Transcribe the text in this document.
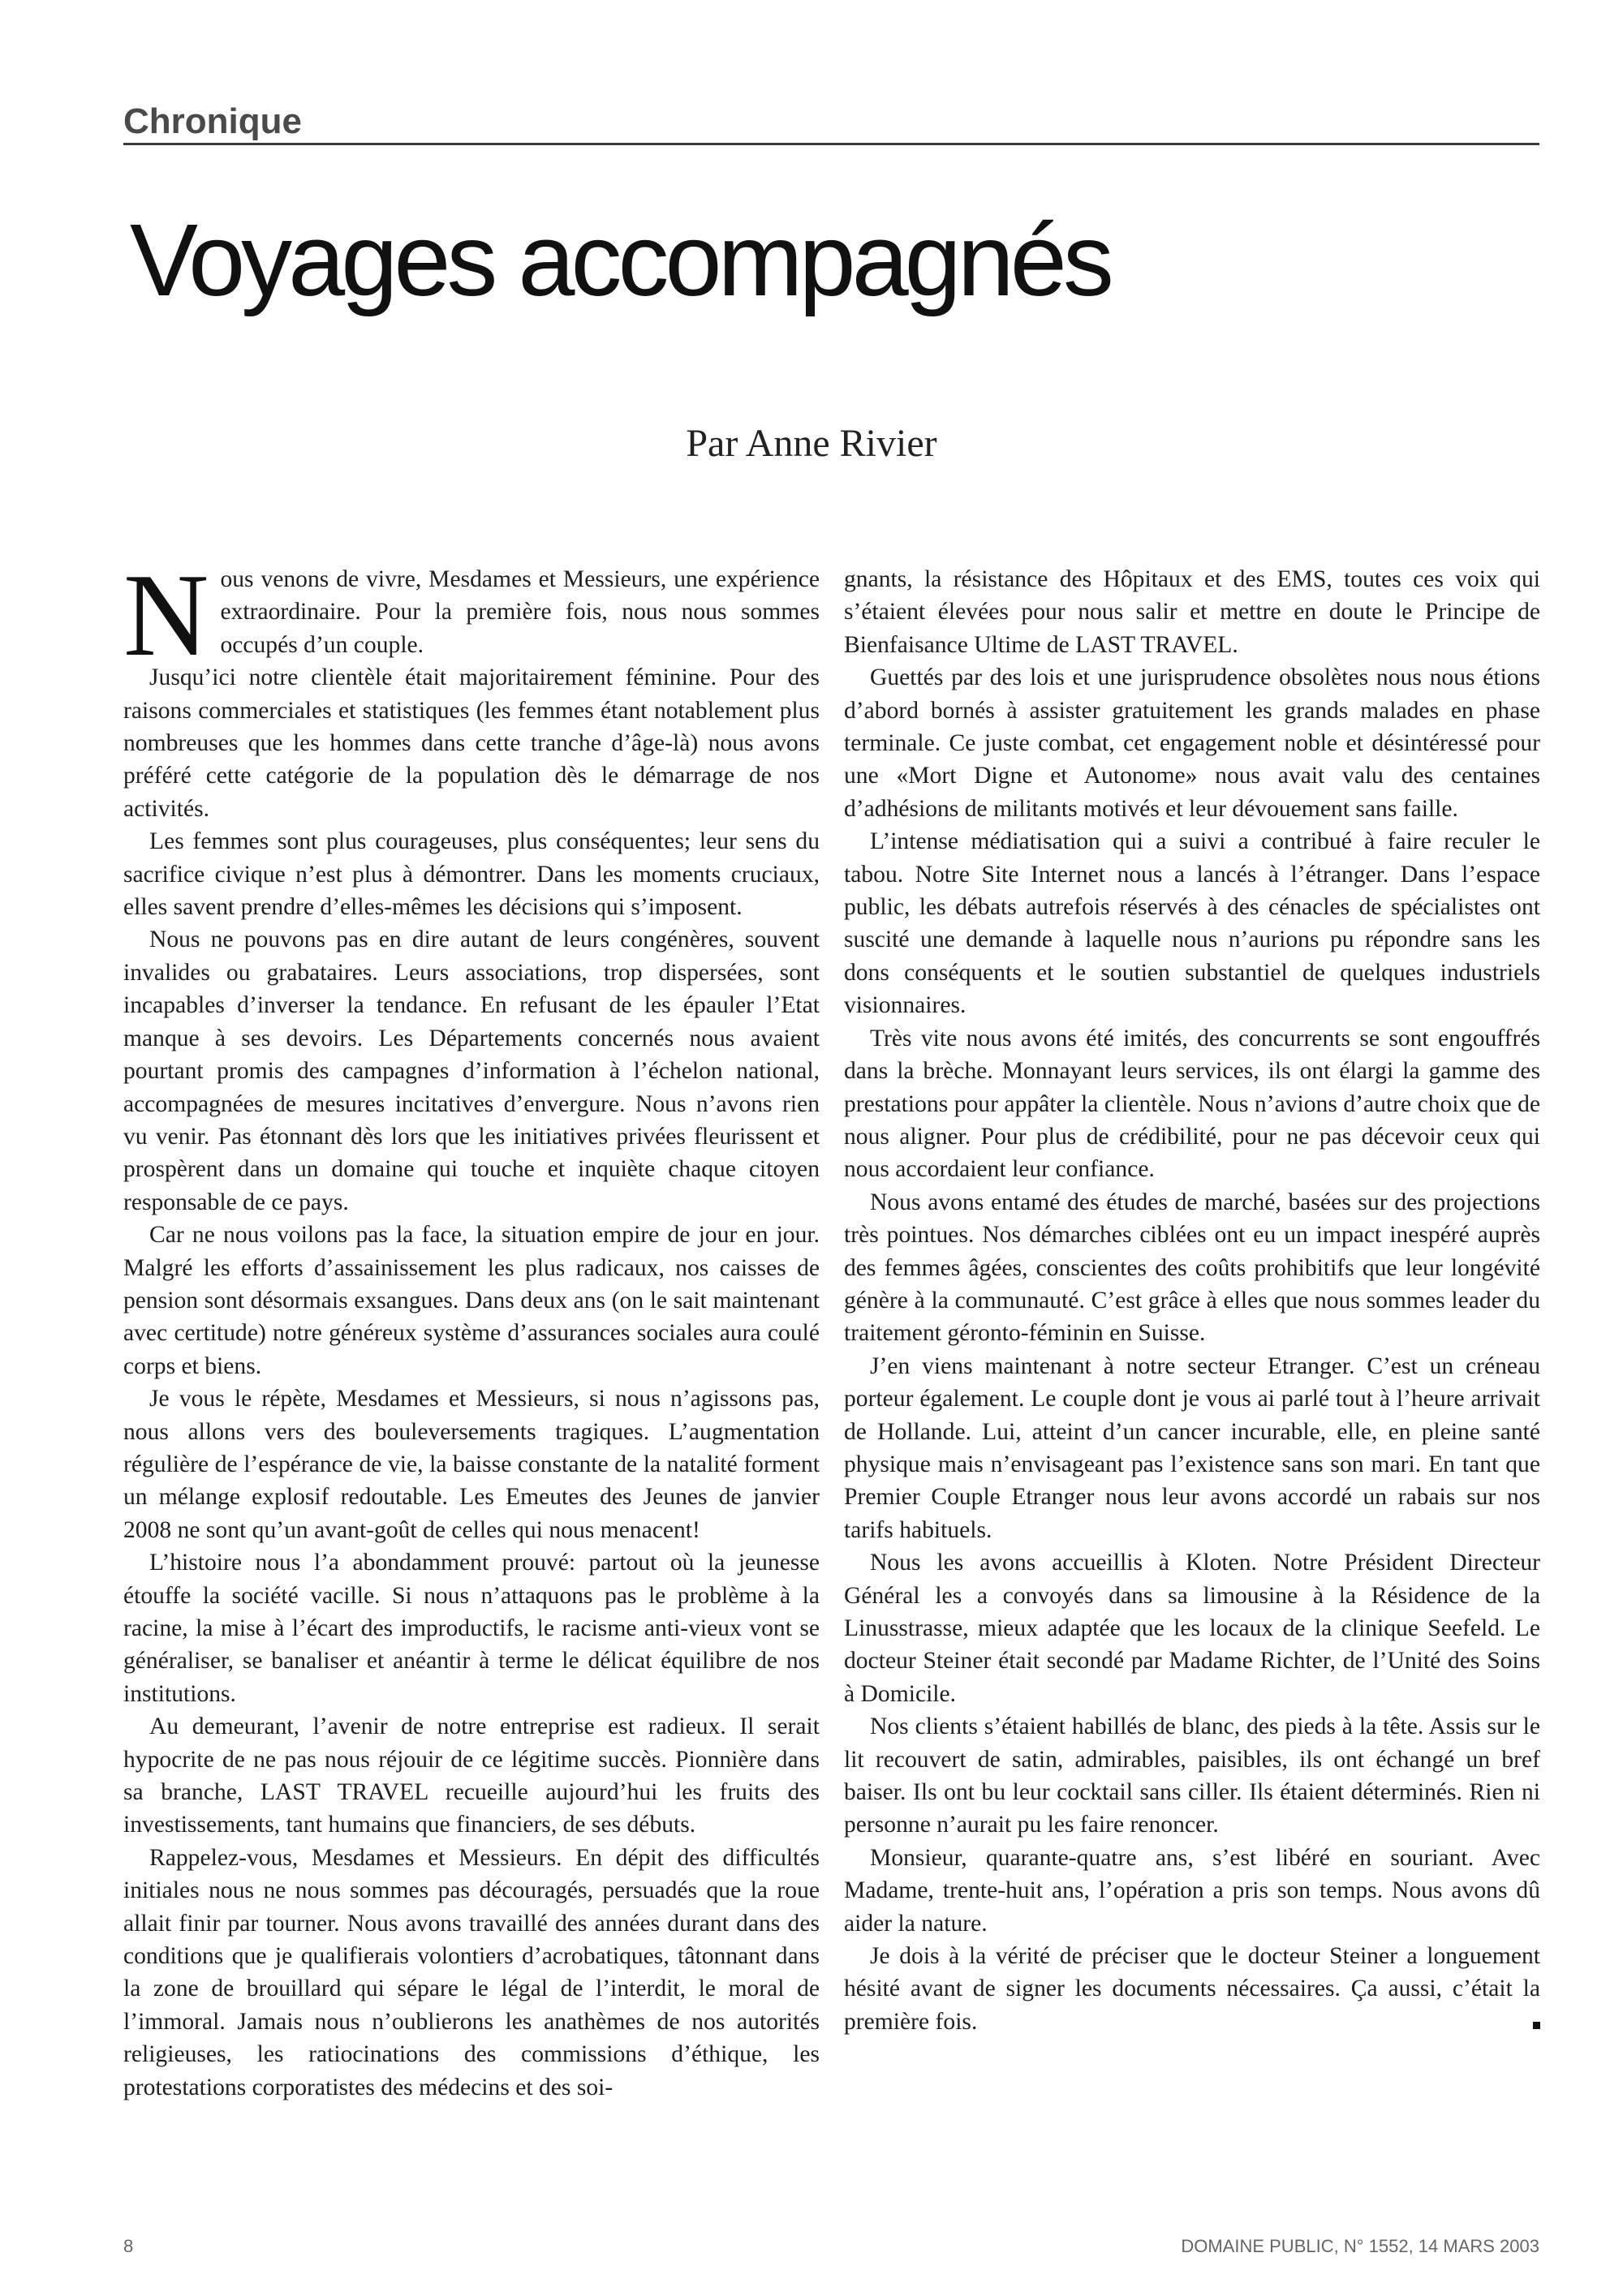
Chronique
Voyages accompagnés
Par Anne Rivier

Nous venons de vivre, Mesdames et Messieurs, une expérience extraordinaire. Pour la première fois, nous nous sommes occupés d’un couple.

Jusqu’ici notre clientèle était majoritairement féminine. Pour des raisons commerciales et statistiques (les femmes étant notablement plus nombreuses que les hommes dans cette tranche d’âge-là) nous avons préféré cette catégorie de la population dès le démarrage de nos activités.

Les femmes sont plus courageuses, plus conséquentes; leur sens du sacrifice civique n’est plus à démontrer. Dans les moments cruciaux, elles savent prendre d’elles-mêmes les décisions qui s’imposent.

Nous ne pouvons pas en dire autant de leurs congénères, souvent invalides ou grabataires. Leurs associations, trop dispersées, sont incapables d’inverser la tendance. En refusant de les épauler l’Etat manque à ses devoirs. Les Départements concernés nous avaient pourtant promis des campagnes d’information à l’échelon national, accompagnées de mesures incitatives d’envergure. Nous n’avons rien vu venir. Pas étonnant dès lors que les initiatives privées fleurissent et prospèrent dans un domaine qui touche et inquiète chaque citoyen responsable de ce pays.

Car ne nous voilons pas la face, la situation empire de jour en jour. Malgré les efforts d’assainissement les plus radicaux, nos caisses de pension sont désormais exsangues. Dans deux ans (on le sait maintenant avec certitude) notre généreux système d’assurances sociales aura coulé corps et biens.

Je vous le répète, Mesdames et Messieurs, si nous n’agissons pas, nous allons vers des bouleversements tragiques. L’augmentation régulière de l’espérance de vie, la baisse constante de la natalité forment un mélange explosif redoutable. Les Emeutes des Jeunes de janvier 2008 ne sont qu’un avant-goût de celles qui nous menacent!

L’histoire nous l’a abondamment prouvé: partout où la jeunesse étouffe la société vacille. Si nous n’attaquons pas le problème à la racine, la mise à l’écart des improductifs, le racisme anti-vieux vont se généraliser, se banaliser et anéantir à terme le délicat équilibre de nos institutions.

Au demeurant, l’avenir de notre entreprise est radieux. Il serait hypocrite de ne pas nous réjouir de ce légitime succès. Pionnière dans sa branche, LAST TRAVEL recueille aujourd’hui les fruits des investissements, tant humains que financiers, de ses débuts.

Rappelez-vous, Mesdames et Messieurs. En dépit des difficultés initiales nous ne nous sommes pas découragés, persuadés que la roue allait finir par tourner. Nous avons travaillé des années durant dans des conditions que je qualifierais volontiers d’acrobatiques, tâtonnant dans la zone de brouillard qui sépare le légal de l’interdit, le moral de l’immoral. Jamais nous n’oublierons les anathèmes de nos autorités religieuses, les ratiocinations des commissions d’éthique, les protestations corporatistes des médecins et des soi-

gnants, la résistance des Hôpitaux et des EMS, toutes ces voix qui s’étaient élevées pour nous salir et mettre en doute le Principe de Bienfaisance Ultime de LAST TRAVEL.

Guettés par des lois et une jurisprudence obsolètes nous nous étions d’abord bornés à assister gratuitement les grands malades en phase terminale. Ce juste combat, cet engagement noble et désintéressé pour une «Mort Digne et Autonome» nous avait valu des centaines d’adhésions de militants motivés et leur dévouement sans faille.

L’intense médiatisation qui a suivi a contribué à faire reculer le tabou. Notre Site Internet nous a lancés à l’étranger. Dans l’espace public, les débats autrefois réservés à des cénacles de spécialistes ont suscité une demande à laquelle nous n’aurions pu répondre sans les dons conséquents et le soutien substantiel de quelques industriels visionnaires.

Très vite nous avons été imités, des concurrents se sont engouffrés dans la brèche. Monnayant leurs services, ils ont élargi la gamme des prestations pour appâter la clientèle. Nous n’avions d’autre choix que de nous aligner. Pour plus de crédibilité, pour ne pas décevoir ceux qui nous accordaient leur confiance.

Nous avons entamé des études de marché, basées sur des projections très pointues. Nos démarches ciblées ont eu un impact inespéré auprès des femmes âgées, conscientes des coûts prohibitifs que leur longévité génère à la communauté. C’est grâce à elles que nous sommes leader du traitement géronto-féminin en Suisse.

J’en viens maintenant à notre secteur Etranger. C’est un créneau porteur également. Le couple dont je vous ai parlé tout à l’heure arrivait de Hollande. Lui, atteint d’un cancer incurable, elle, en pleine santé physique mais n’envisageant pas l’existence sans son mari. En tant que Premier Couple Etranger nous leur avons accordé un rabais sur nos tarifs habituels.

Nous les avons accueillis à Kloten. Notre Président Directeur Général les a convoyés dans sa limousine à la Résidence de la Linusstrasse, mieux adaptée que les locaux de la clinique Seefeld. Le docteur Steiner était secondé par Madame Richter, de l’Unité des Soins à Domicile.

Nos clients s’étaient habillés de blanc, des pieds à la tête. Assis sur le lit recouvert de satin, admirables, paisibles, ils ont échangé un bref baiser. Ils ont bu leur cocktail sans ciller. Ils étaient déterminés. Rien ni personne n’aurait pu les faire renoncer.

Monsieur, quarante-quatre ans, s’est libéré en souriant. Avec Madame, trente-huit ans, l’opération a pris son temps. Nous avons dû aider la nature.

Je dois à la vérité de préciser que le docteur Steiner a longuement hésité avant de signer les documents nécessaires. Ça aussi, c’était la première fois.

8	DOMAINE PUBLIC, N° 1552, 14 MARS 2003
